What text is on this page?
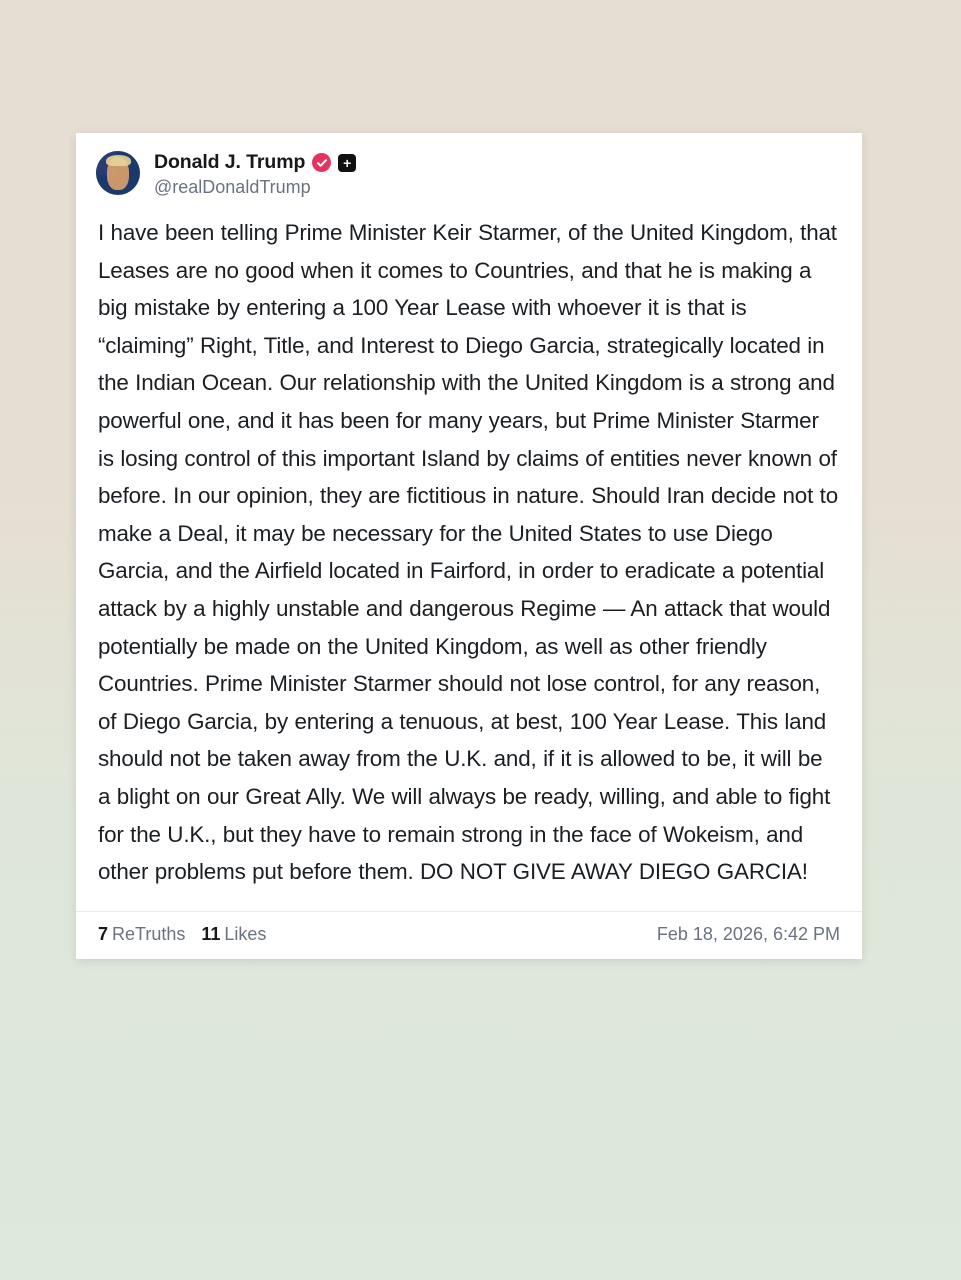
Donald J. Trump	+
@realDonaldTrump
I have been telling Prime Minister Keir Starmer, of the United Kingdom, that Leases are no good when it comes to Countries, and that he is making a big mistake by entering a 100 Year Lease with whoever it is that is “claiming” Right, Title, and Interest to Diego Garcia, strategically located in the Indian Ocean. Our relationship with the United Kingdom is a strong and powerful one, and it has been for many years, but Prime Minister Starmer is losing control of this important Island by claims of entities never known of before. In our opinion, they are fictitious in nature. Should Iran decide not to make a Deal, it may be necessary for the United States to use Diego Garcia, and the Airfield located in Fairford, in order to eradicate a potential attack by a highly unstable and dangerous Regime — An attack that would potentially be made on the United Kingdom, as well as other friendly Countries. Prime Minister Starmer should not lose control, for any reason, of Diego Garcia, by entering a tenuous, at best, 100 Year Lease. This land should not be taken away from the U.K. and, if it is allowed to be, it will be a blight on our Great Ally. We will always be ready, willing, and able to fight for the U.K., but they have to remain strong in the face of Wokeism, and other problems put before them. DO NOT GIVE AWAY DIEGO GARCIA!
7 ReTruths 11 Likes	Feb 18, 2026, 6:42 PM
